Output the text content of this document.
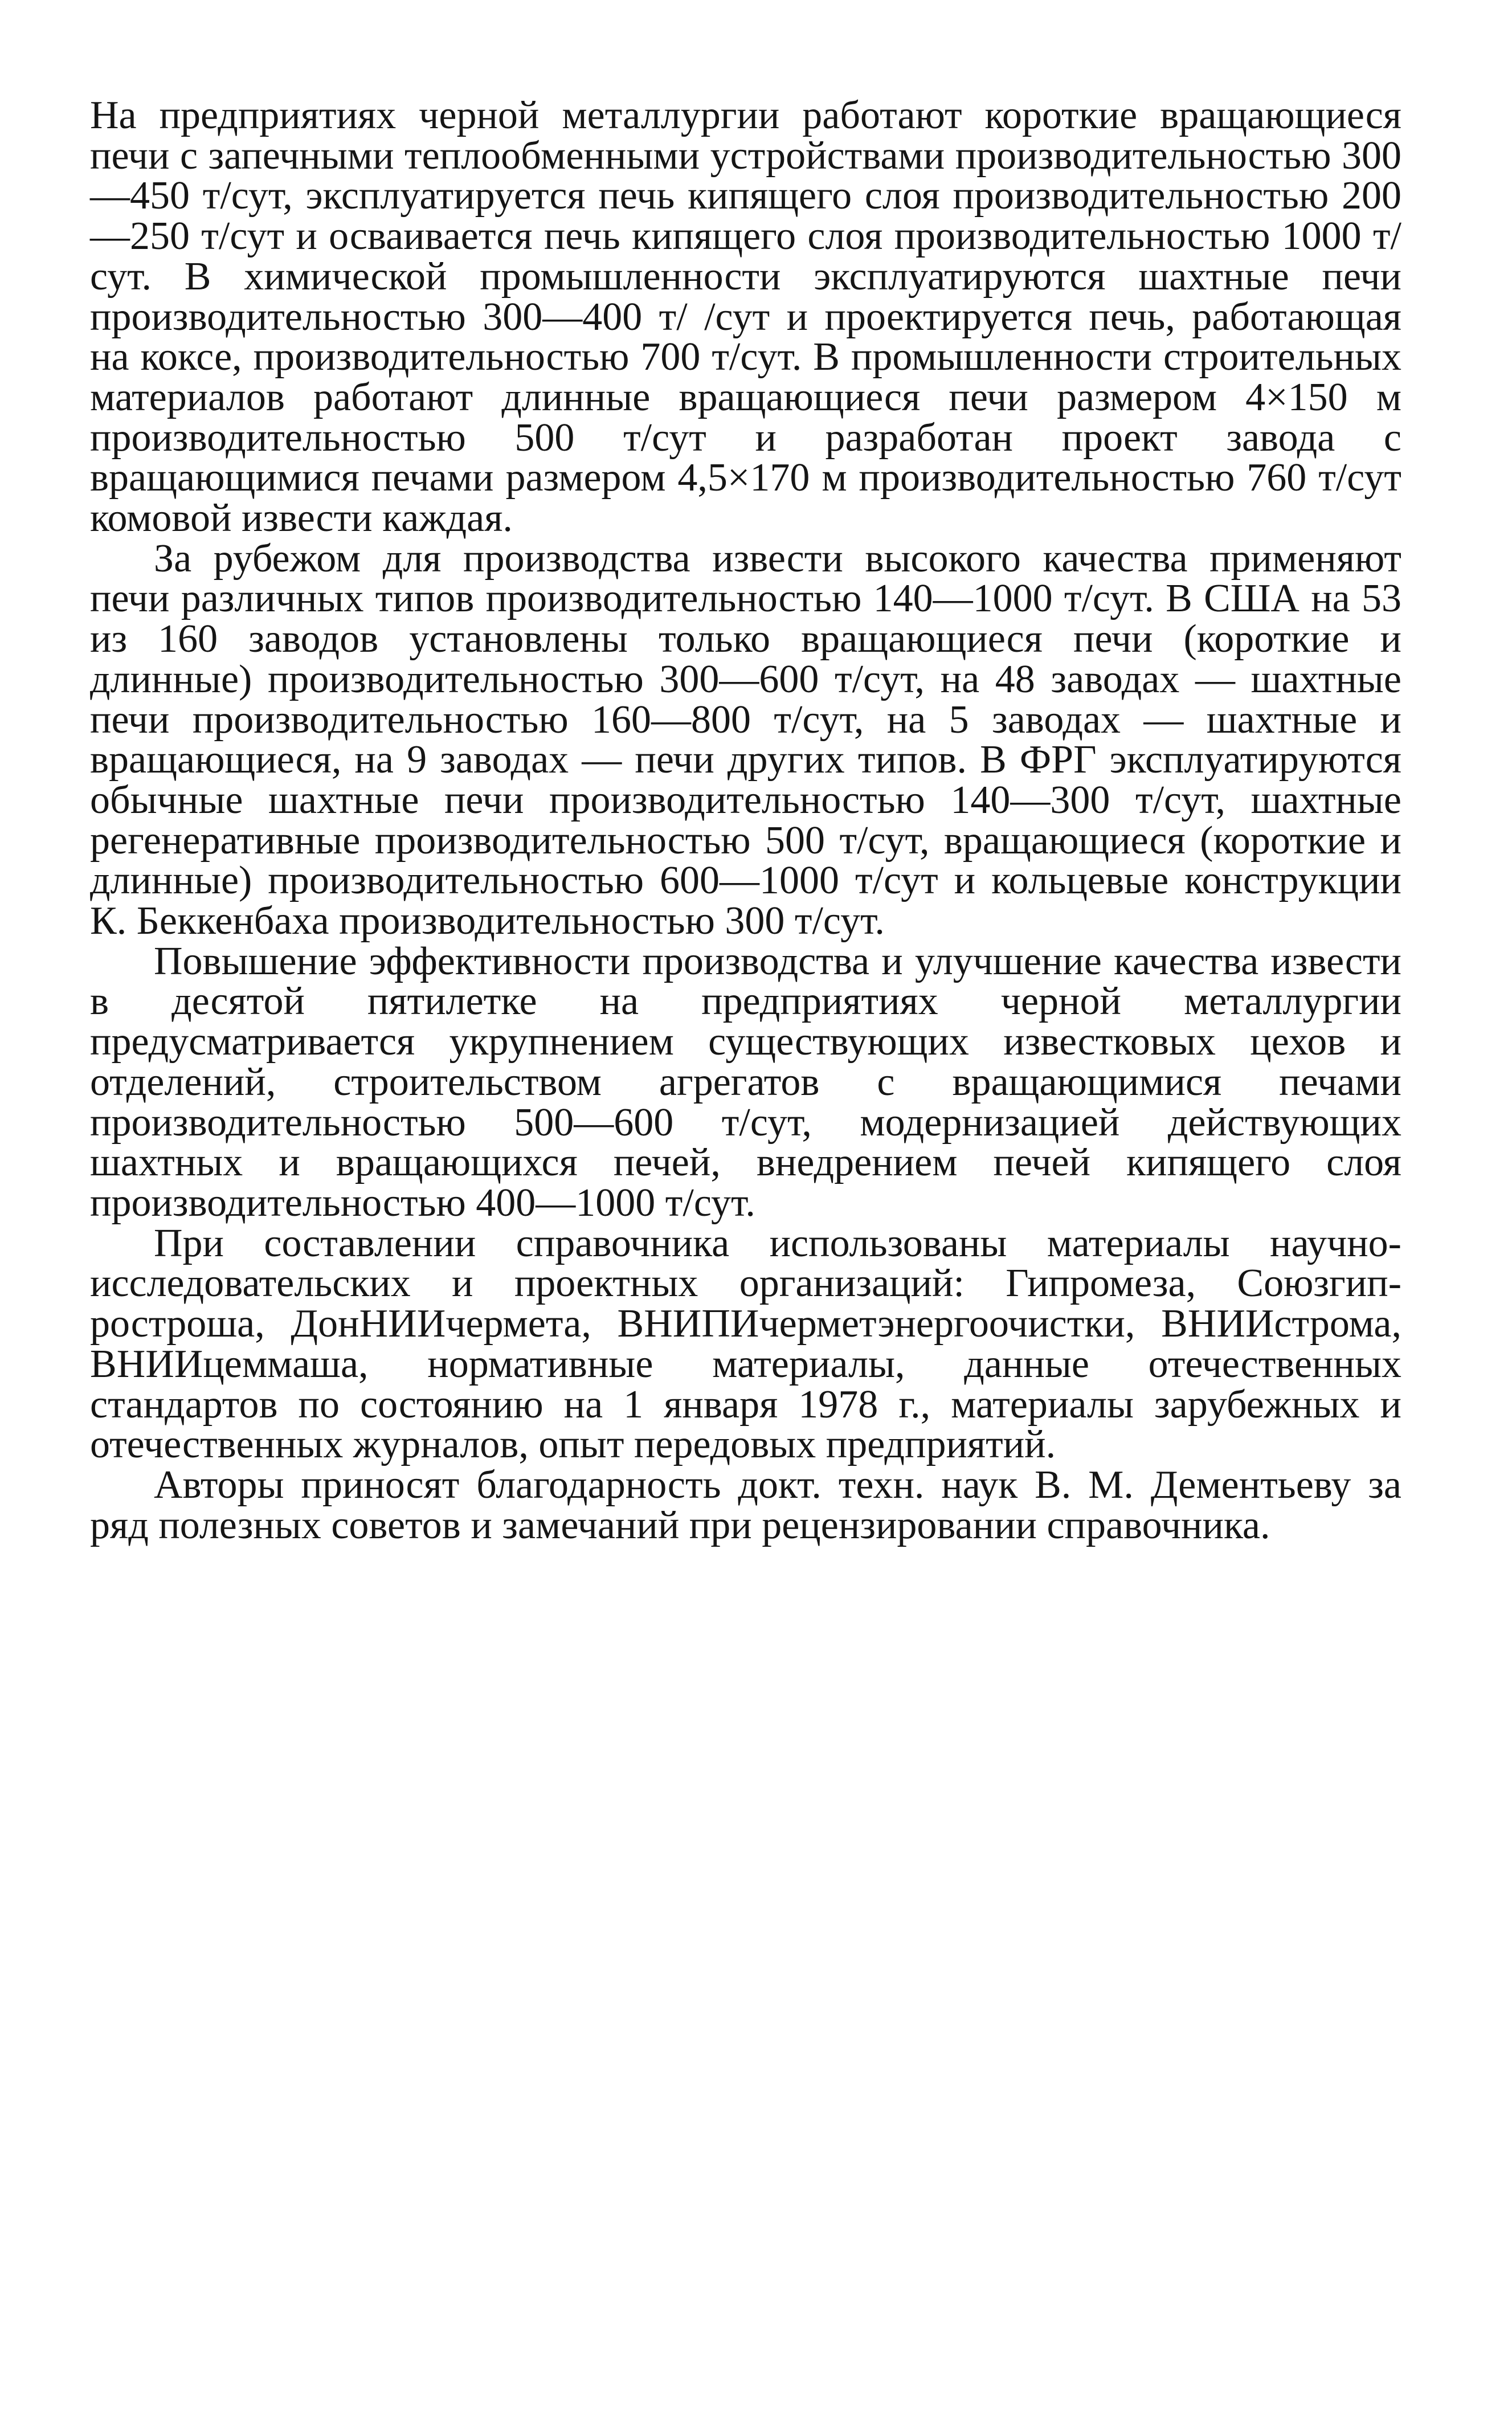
На предприятиях черной металлургии работают короткие вращающиеся печи с запечными теплообменными устройствами производительностью 300—450 т/сут, эксплуатируется печь кипящего слоя производительностью 200—250 т/сут и осваивается печь кипящего слоя производительностью 1000 т/сут. В химической промышленности эксплуатируются шахтные печи производительностью 300—400 т/ /сут и проектируется печь, работающая на коксе, производительностью 700 т/сут. В промышленности строительных материалов работают длинные вращающиеся печи размером 4×150 м производительностью 500 т/сут и разработан проект завода с вращающимися печами размером 4,5×170 м производительностью 760 т/сут комовой извести каждая.

За рубежом для производства извести высокого качества применяют печи различных типов производительностью 140—1000 т/сут. В США на 53 из 160 заводов установлены только вращающиеся печи (короткие и длинные) производительностью 300—600 т/сут, на 48 заводах — шахтные печи производительностью 160—800 т/сут, на 5 заводах — шахтные и вращающиеся, на 9 заводах — печи других типов. В ФРГ эксплуатируются обычные шахтные печи производительностью 140—300 т/сут, шахтные регенеративные производительностью 500 т/сут, вращающиеся (короткие и длинные) производительностью 600—1000 т/сут и кольцевые конструкции К. Беккенбаха производительностью 300 т/сут.

Повышение эффективности производства и улучшение качества извести в десятой пятилетке на предприятиях черной металлургии предусматривается укрупнением существующих известковых цехов и отделений, строительством агрегатов с вращающимися печами производительностью 500—600 т/сут, модернизацией действующих шахтных и вращающихся печей, внедрением печей кипящего слоя производительностью 400—1000 т/сут.

При составлении справочника использованы материалы научно-исследовательских и проектных организаций: Гипромеза, Союзгипростроша, ДонНИИчермета, ВНИПИчерметэнергоочистки, ВНИИстрома, ВНИИцеммаша, нормативные материалы, данные отечественных стандартов по состоянию на 1 января 1978 г., материалы зарубежных и отечественных журналов, опыт передовых предприятий.

Авторы приносят благодарность докт. техн. наук В. М. Дементьеву за ряд полезных советов и замечаний при рецензировании справочника.
